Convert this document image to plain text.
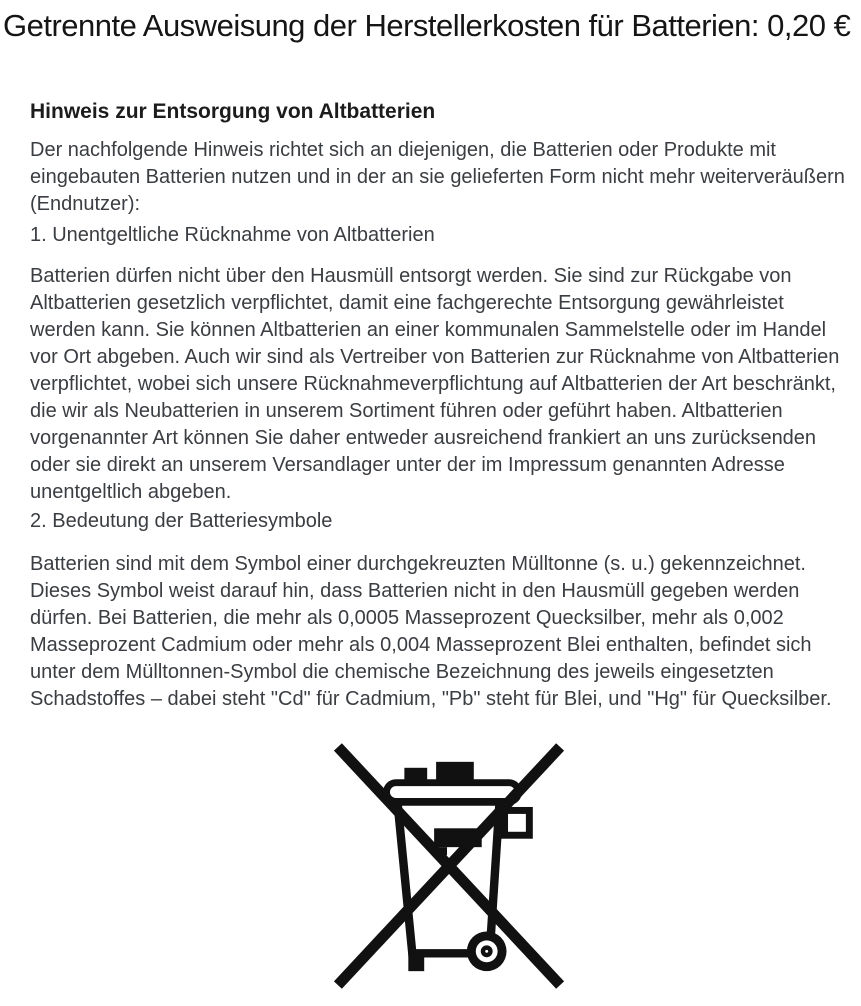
Getrennte Ausweisung der Herstellerkosten für Batterien: 0,20 €
Hinweis zur Entsorgung von Altbatterien

Der nachfolgende Hinweis richtet sich an diejenigen, die Batterien oder Produkte mit eingebauten Batterien nutzen und in der an sie gelieferten Form nicht mehr weiterveräußern (Endnutzer):

1. Unentgeltliche Rücknahme von Altbatterien

Batterien dürfen nicht über den Hausmüll entsorgt werden. Sie sind zur Rückgabe von Altbatterien gesetzlich verpflichtet, damit eine fachgerechte Entsorgung gewährleistet werden kann. Sie können Altbatterien an einer kommunalen Sammelstelle oder im Handel vor Ort abgeben. Auch wir sind als Vertreiber von Batterien zur Rücknahme von Altbatterien verpflichtet, wobei sich unsere Rücknahmeverpflichtung auf Altbatterien der Art beschränkt, die wir als Neubatterien in unserem Sortiment führen oder geführt haben. Altbatterien vorgenannter Art können Sie daher entweder ausreichend frankiert an uns zurücksenden oder sie direkt an unserem Versandlager unter der im Impressum genannten Adresse unentgeltlich abgeben.

2. Bedeutung der Batteriesymbole

Batterien sind mit dem Symbol einer durchgekreuzten Mülltonne (s. u.) gekennzeichnet. Dieses Symbol weist darauf hin, dass Batterien nicht in den Hausmüll gegeben werden dürfen. Bei Batterien, die mehr als 0,0005 Masseprozent Quecksilber, mehr als 0,002 Masseprozent Cadmium oder mehr als 0,004 Masseprozent Blei enthalten, befindet sich unter dem Mülltonnen-Symbol die chemische Bezeichnung des jeweils eingesetzten Schadstoffes – dabei steht "Cd" für Cadmium, "Pb" steht für Blei, und "Hg" für Quecksilber.
